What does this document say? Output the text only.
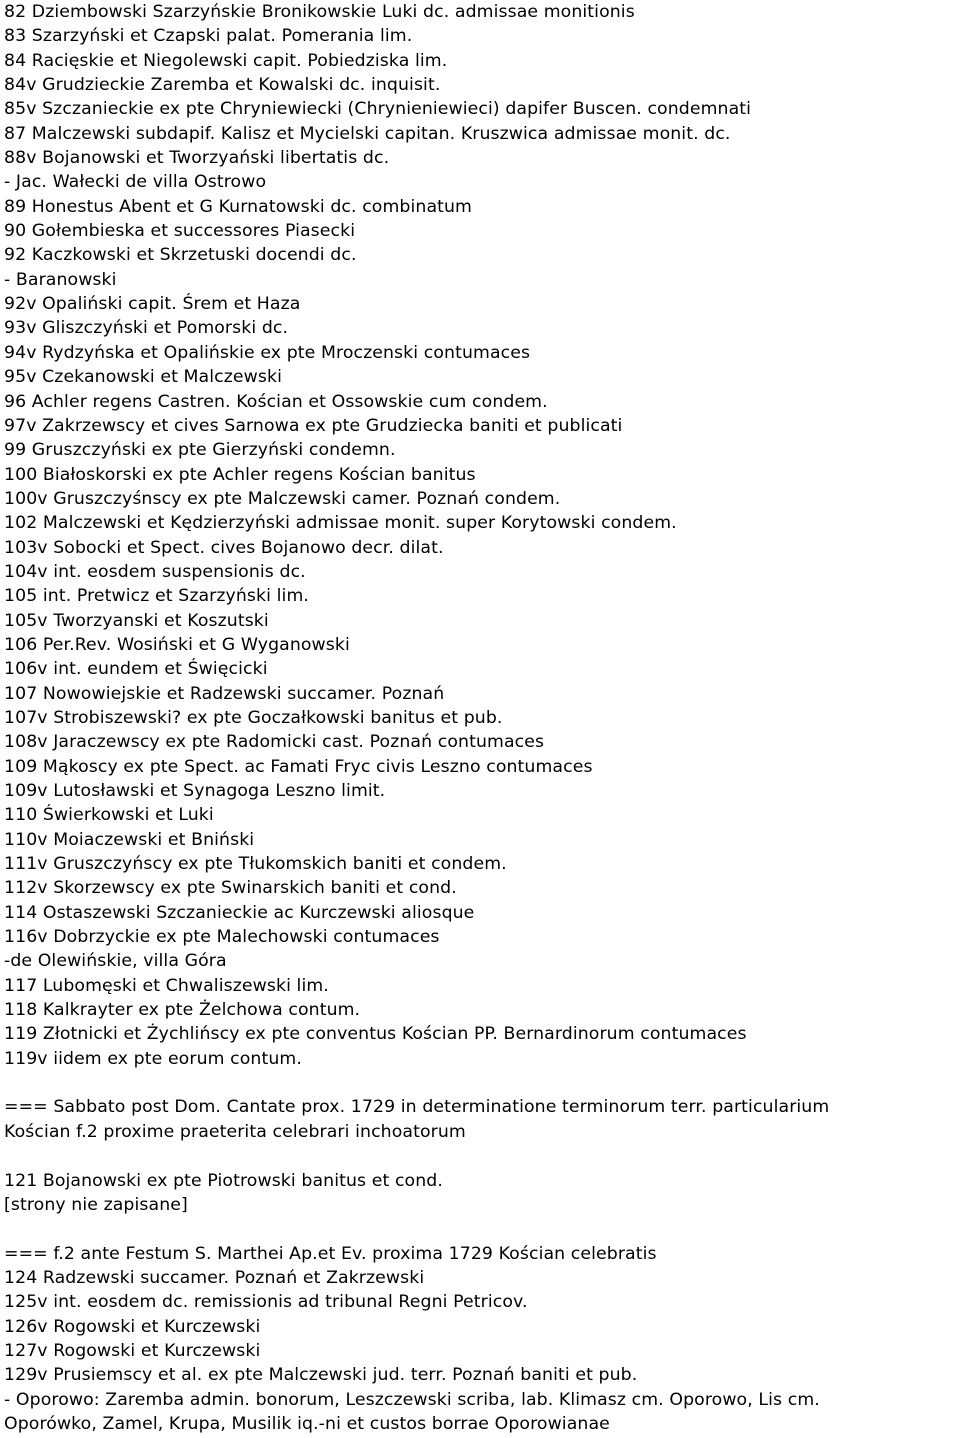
82 Dziembowski Szarzyńskie Bronikowskie Luki dc. admissae monitionis
83 Szarzyński et Czapski palat. Pomerania lim.
84 Racięskie et Niegolewski capit. Pobiedziska lim.
84v Grudzieckie Zaremba et Kowalski dc. inquisit.
85v Szczanieckie ex pte Chryniewiecki (Chrynieniewieci) dapifer Buscen. condemnati
87 Malczewski subdapif. Kalisz et Mycielski capitan. Kruszwica admissae monit. dc.
88v Bojanowski et Tworzyański libertatis dc.
- Jac. Wałecki de villa Ostrowo
89 Honestus Abent et G Kurnatowski dc. combinatum
90 Gołembieska et successores Piasecki
92 Kaczkowski et Skrzetuski docendi dc.
- Baranowski
92v Opaliński capit. Śrem et Haza
93v Gliszczyński et Pomorski dc.
94v Rydzyńska et Opalińskie ex pte Mroczenski contumaces
95v Czekanowski et Malczewski
96 Achler regens Castren. Kościan et Ossowskie cum condem.
97v Zakrzewscy et cives Sarnowa ex pte Grudziecka baniti et publicati
99 Gruszczyński ex pte Gierzyński condemn.
100 Białoskorski ex pte Achler regens Kościan banitus
100v Gruszczyśnscy ex pte Malczewski camer. Poznań condem.
102 Malczewski et Kędzierzyński admissae monit. super Korytowski condem.
103v Sobocki et Spect. cives Bojanowo decr. dilat.
104v int. eosdem suspensionis dc.
105 int. Pretwicz et Szarzyński lim.
105v Tworzyanski et Koszutski
106 Per.Rev. Wosiński et G Wyganowski
106v int. eundem et Święcicki
107 Nowowiejskie et Radzewski succamer. Poznań
107v Strobiszewski? ex pte Goczałkowski banitus et pub.
108v Jaraczewscy ex pte Radomicki cast. Poznań contumaces
109 Mąkoscy ex pte Spect. ac Famati Fryc civis Leszno contumaces
109v Lutosławski et Synagoga Leszno limit.
110 Świerkowski et Luki
110v Moiaczewski et Bniński
111v Gruszczyńscy ex pte Tłukomskich baniti et condem.
112v Skorzewscy ex pte Swinarskich baniti et cond.
114 Ostaszewski Szczanieckie ac Kurczewski aliosque
116v Dobrzyckie ex pte Malechowski contumaces
-de Olewińskie, villa Góra
117 Lubomęski et Chwaliszewski lim.
118 Kalkrayter ex pte Żelchowa contum.
119 Złotnicki et Żychlińscy ex pte conventus Kościan PP. Bernardinorum contumaces
119v iidem ex pte eorum contum.
=== Sabbato post Dom. Cantate prox. 1729 in determinatione terminorum terr. particularium
Kościan f.2 proxime praeterita celebrari inchoatorum
121 Bojanowski ex pte Piotrowski banitus et cond.
[strony nie zapisane]
=== f.2 ante Festum S. Marthei Ap.et Ev. proxima 1729 Kościan celebratis
124 Radzewski succamer. Poznań et Zakrzewski
125v int. eosdem dc. remissionis ad tribunal Regni Petricov.
126v Rogowski et Kurczewski
127v Rogowski et Kurczewski
129v Prusiemscy et al. ex pte Malczewski jud. terr. Poznań baniti et pub.
- Oporowo: Zaremba admin. bonorum, Leszczewski scriba, lab. Klimasz cm. Oporowo, Lis cm.
Oporówko, Zamel, Krupa, Musilik iq.-ni et custos borrae Oporowianae
